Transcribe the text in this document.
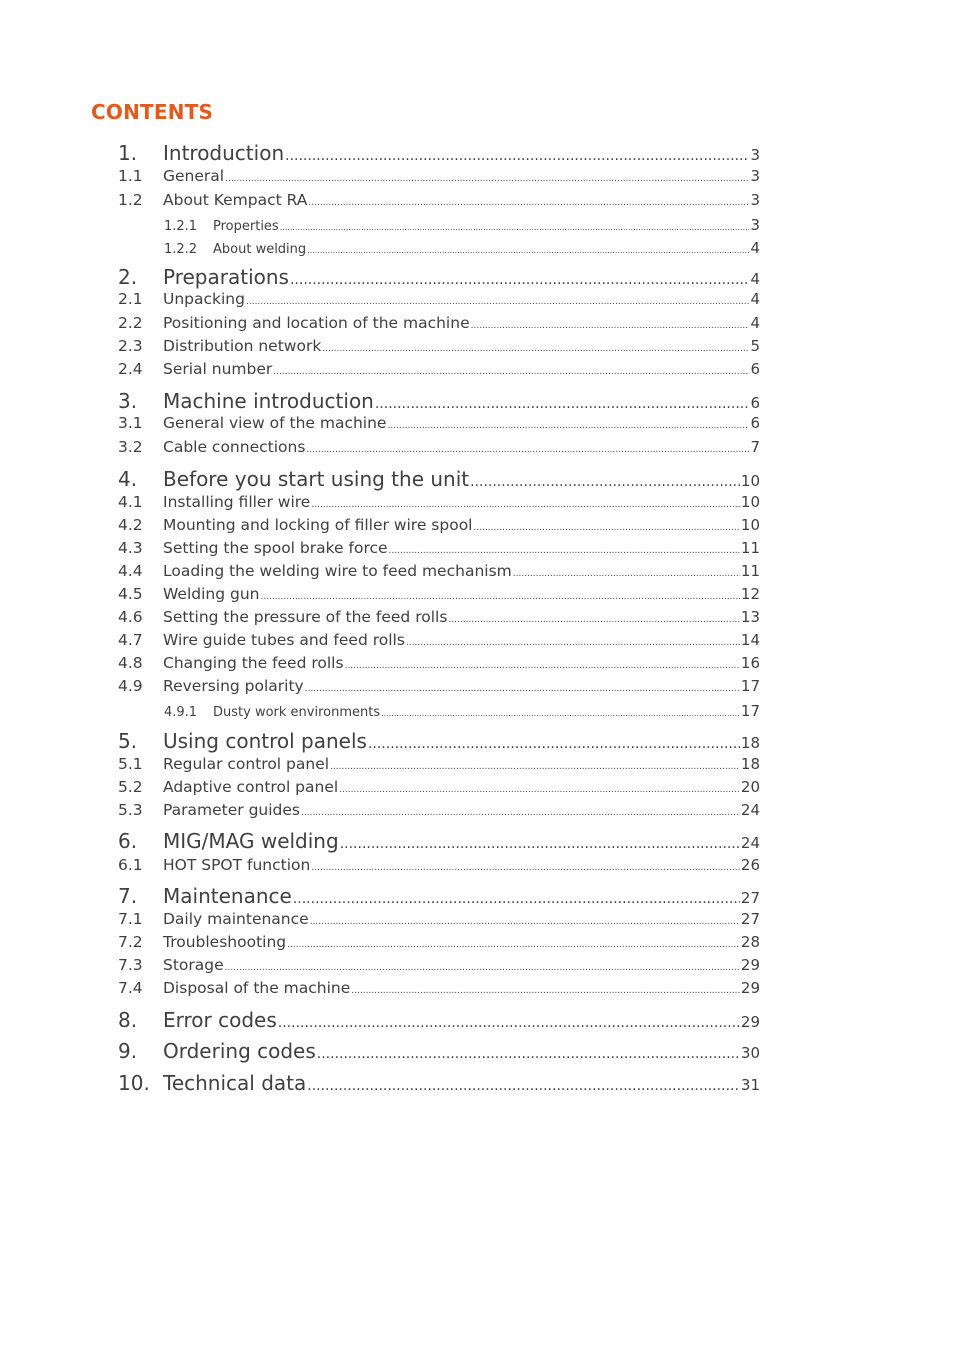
CONTENTS
1.	Introduction .....	3
1.1	General .....	3
1.2	About Kempact RA .....	3
1.2.1	Properties .....	3
1.2.2	About welding .....	4
2.	Preparations .....	4
2.1	Unpacking .....	4
2.2	Positioning and location of the machine .....	4
2.3	Distribution network .....	5
2.4	Serial number .....	6
3.	Machine introduction .....	6
3.1	General view of the machine .....	6
3.2	Cable connections .....	7
4.	Before you start using the unit .....	10
4.1	Installing filler wire .....	10
4.2	Mounting and locking of filler wire spool .....	10
4.3	Setting the spool brake force .....	11
4.4	Loading the welding wire to feed mechanism .....	11
4.5	Welding gun .....	12
4.6	Setting the pressure of the feed rolls .....	13
4.7	Wire guide tubes and feed rolls .....	14
4.8	Changing the feed rolls .....	16
4.9	Reversing polarity .....	17
4.9.1	Dusty work environments .....	17
5.	Using control panels .....	18
5.1	Regular control panel .....	18
5.2	Adaptive control panel .....	20
5.3	Parameter guides .....	24
6.	MIG/MAG welding .....	24
6.1	HOT SPOT function .....	26
7.	Maintenance .....	27
7.1	Daily maintenance .....	27
7.2	Troubleshooting .....	28
7.3	Storage .....	29
7.4	Disposal of the machine .....	29
8.	Error codes .....	29
9.	Ordering codes .....	30
10. Technical data .....	31
